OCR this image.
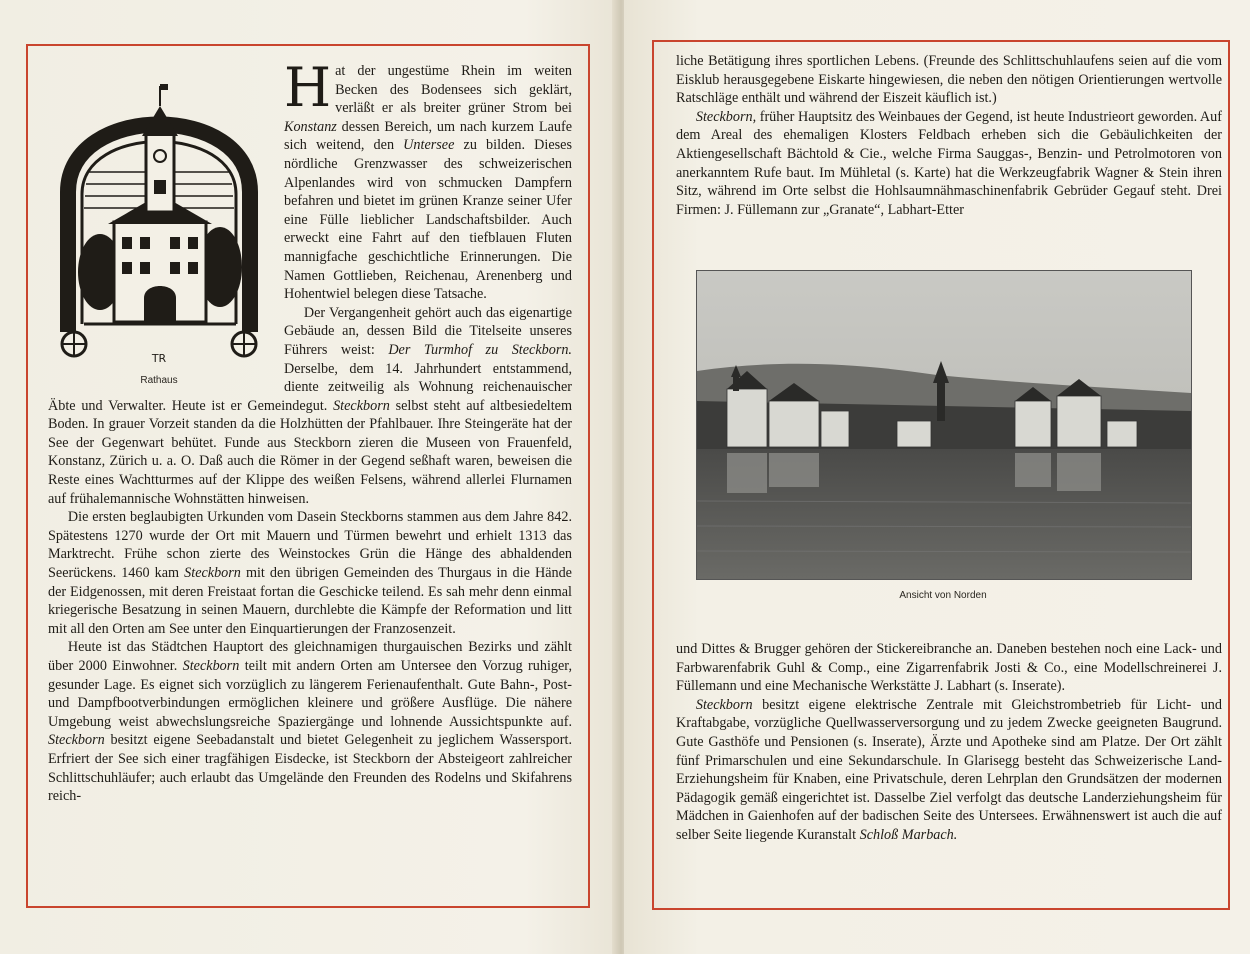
TR
Rathaus

Hat der ungestüme Rhein im weiten Becken des Bodensees sich geklärt, verläßt er als breiter grüner Strom bei Konstanz dessen Bereich, um nach kurzem Laufe sich weitend, den Untersee zu bilden. Dieses nördliche Grenzwasser des schweizerischen Alpenlandes wird von schmucken Dampfern befahren und bietet im grünen Kranze seiner Ufer eine Fülle lieblicher Landschaftsbilder. Auch erweckt eine Fahrt auf den tiefblauen Fluten mannigfache geschichtliche Erinnerungen. Die Namen Gottlieben, Reichenau, Arenenberg und Hohentwiel belegen diese Tatsache.

Der Vergangenheit gehört auch das eigenartige Gebäude an, dessen Bild die Titelseite unseres Führers weist: Der Turmhof zu Steckborn. Derselbe, dem 14. Jahrhundert entstammend, diente zeitweilig als Wohnung reichenauischer Äbte und Verwalter. Heute ist er Gemeindegut. Steckborn selbst steht auf altbesiedeltem Boden. In grauer Vorzeit standen da die Holzhütten der Pfahlbauer. Ihre Steingeräte hat der See der Gegenwart behütet. Funde aus Steckborn zieren die Museen von Frauenfeld, Konstanz, Zürich u. a. O. Daß auch die Römer in der Gegend seßhaft waren, beweisen die Reste eines Wachtturmes auf der Klippe des weißen Felsens, während allerlei Flurnamen auf frühalemannische Wohnstätten hinweisen.

Die ersten beglaubigten Urkunden vom Dasein Steckborns stammen aus dem Jahre 842. Spätestens 1270 wurde der Ort mit Mauern und Türmen bewehrt und erhielt 1313 das Marktrecht. Frühe schon zierte des Weinstockes Grün die Hänge des abhaldenden Seerückens. 1460 kam Steckborn mit den übrigen Gemeinden des Thurgaus in die Hände der Eidgenossen, mit deren Freistaat fortan die Geschicke teilend. Es sah mehr denn einmal kriegerische Besatzung in seinen Mauern, durchlebte die Kämpfe der Reformation und litt mit all den Orten am See unter den Einquartierungen der Franzosenzeit.

Heute ist das Städtchen Hauptort des gleichnamigen thurgauischen Bezirks und zählt über 2000 Einwohner. Steckborn teilt mit andern Orten am Untersee den Vorzug ruhiger, gesunder Lage. Es eignet sich vorzüglich zu längerem Ferienaufenthalt. Gute Bahn-, Post- und Dampfbootverbindungen ermöglichen kleinere und größere Ausflüge. Die nähere Umgebung weist abwechslungsreiche Spaziergänge und lohnende Aussichtspunkte auf. Steckborn besitzt eigene Seebadanstalt und bietet Gelegenheit zu jeglichem Wassersport. Erfriert der See sich einer tragfähigen Eisdecke, ist Steckborn der Absteigeort zahlreicher Schlittschuhläufer; auch erlaubt das Umgelände den Freunden des Rodelns und Skifahrens reich-

liche Betätigung ihres sportlichen Lebens. (Freunde des Schlittschuhlaufens seien auf die vom Eisklub herausgegebene Eiskarte hingewiesen, die neben den nötigen Orientierungen wertvolle Ratschläge enthält und während der Eiszeit käuflich ist.)

Steckborn, früher Hauptsitz des Weinbaues der Gegend, ist heute Industrieort geworden. Auf dem Areal des ehemaligen Klosters Feldbach erheben sich die Gebäulichkeiten der Aktiengesellschaft Bächtold & Cie., welche Firma Sauggas-, Benzin- und Petrolmotoren von anerkanntem Rufe baut. Im Mühletal (s. Karte) hat die Werkzeugfabrik Wagner & Stein ihren Sitz, während im Orte selbst die Hohlsaumnähmaschinenfabrik Gebrüder Gegauf steht. Drei Firmen: J. Füllemann zur „Granate“, Labhart-Etter

Ansicht von Norden

und Dittes & Brugger gehören der Stickereibranche an. Daneben bestehen noch eine Lack- und Farbwarenfabrik Guhl & Comp., eine Zigarrenfabrik Josti & Co., eine Modellschreinerei J. Füllemann und eine Mechanische Werkstätte J. Labhart (s. Inserate).

Steckborn besitzt eigene elektrische Zentrale mit Gleichstrombetrieb für Licht- und Kraftabgabe, vorzügliche Quellwasserversorgung und zu jedem Zwecke geeigneten Baugrund. Gute Gasthöfe und Pensionen (s. Inserate), Ärzte und Apotheke sind am Platze. Der Ort zählt fünf Primarschulen und eine Sekundarschule. In Glarisegg besteht das Schweizerische Land-Erziehungsheim für Knaben, eine Privatschule, deren Lehrplan den Grundsätzen der modernen Pädagogik gemäß eingerichtet ist. Dasselbe Ziel verfolgt das deutsche Landerziehungsheim für Mädchen in Gaienhofen auf der badischen Seite des Untersees. Erwähnenswert ist auch die auf selber Seite liegende Kuranstalt Schloß Marbach.
